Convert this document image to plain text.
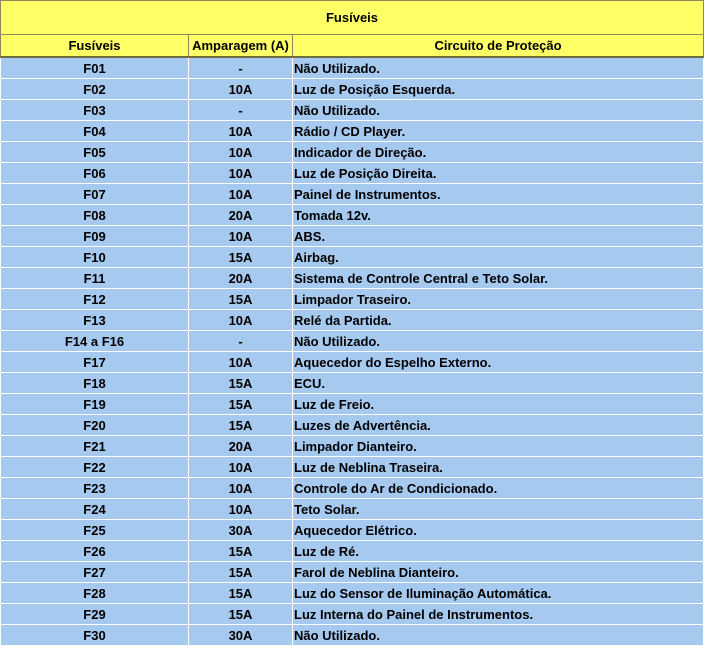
Fusíveis		
Fusíveis	Amparagem (A)	Circuito de Proteção
F01	-	Não Utilizado.
F02	10A	Luz de Posição Esquerda.
F03	-	Não Utilizado.
F04	10A	Rádio / CD Player.
F05	10A	Indicador de Direção.
F06	10A	Luz de Posição Direita.
F07	10A	Painel de Instrumentos.
F08	20A	Tomada 12v.
F09	10A	ABS.
F10	15A	Airbag.
F11	20A	Sistema de Controle Central e Teto Solar.
F12	15A	Limpador Traseiro.
F13	10A	Relé da Partida.
F14 a F16	-	Não Utilizado.
F17	10A	Aquecedor do Espelho Externo.
F18	15A	ECU.
F19	15A	Luz de Freio.
F20	15A	Luzes de Advertência.
F21	20A	Limpador Dianteiro.
F22	10A	Luz de Neblina Traseira.
F23	10A	Controle do Ar de Condicionado.
F24	10A	Teto Solar.
F25	30A	Aquecedor Elétrico.
F26	15A	Luz de Ré.
F27	15A	Farol de Neblina Dianteiro.
F28	15A	Luz do Sensor de Iluminação Automática.
F29	15A	Luz Interna do Painel de Instrumentos.
F30	30A	Não Utilizado.
